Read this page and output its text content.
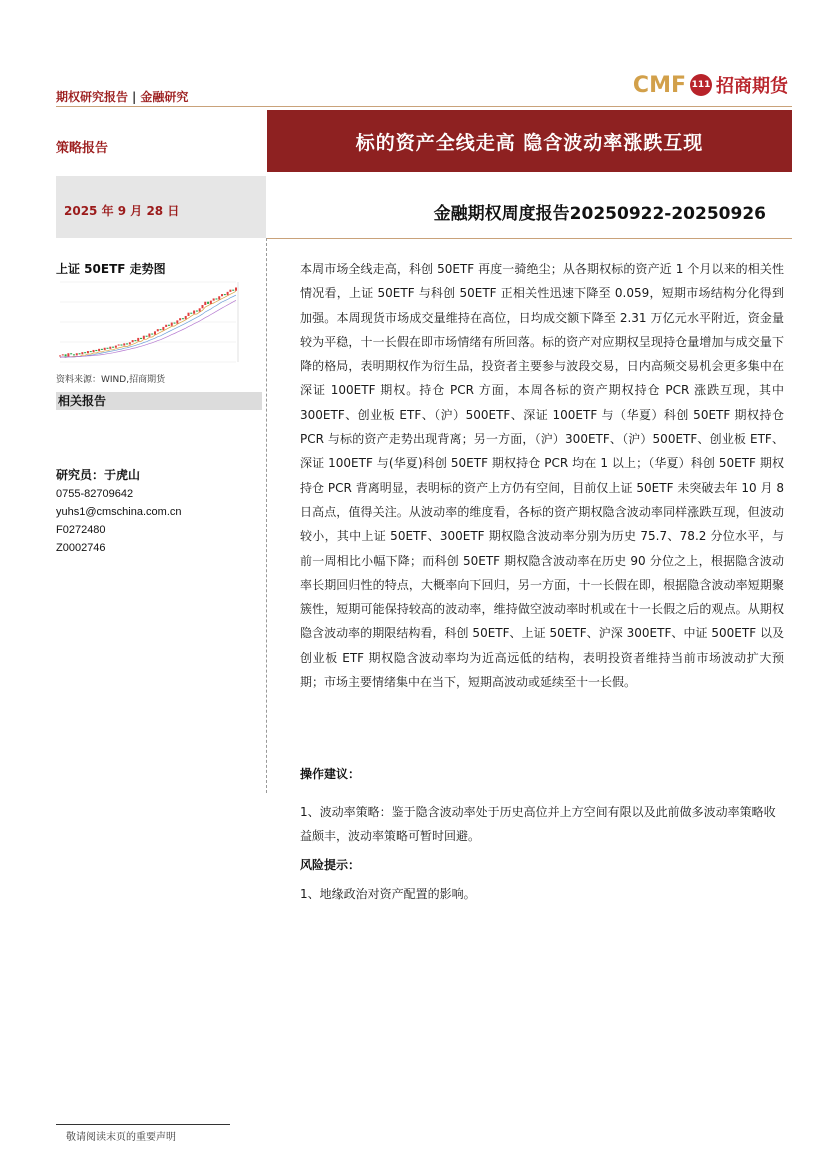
期权研究报告 | 金融研究	CMF 111 招商期货
策略报告	标的资产全线走高 隐含波动率涨跌互现
2025 年 9 月 28 日	金融期权周度报告20250922-20250926
上证 50ETF 走势图
资料来源：WIND,招商期货
相关报告
研究员：于虎山
0755-82709642
yuhs1@cmschina.com.cn
F0272480
Z0002746
本周市场全线走高，科创 50ETF 再度一骑绝尘；从各期权标的资产近 1 个月以来的相关性情况看，上证 50ETF 与科创 50ETF 正相关性迅速下降至 0.059，短期市场结构分化得到加强。本周现货市场成交量维持在高位，日均成交额下降至 2.31 万亿元水平附近，资金量较为平稳，十一长假在即市场情绪有所回落。标的资产对应期权呈现持仓量增加与成交量下降的格局，表明期权作为衍生品，投资者主要参与波段交易，日内高频交易机会更多集中在深证 100ETF 期权。持仓 PCR 方面，本周各标的资产期权持仓 PCR 涨跌互现，其中 300ETF、创业板 ETF、（沪）500ETF、深证 100ETF 与（华夏）科创 50ETF 期权持仓 PCR 与标的资产走势出现背离；另一方面，（沪）300ETF、（沪）500ETF、创业板 ETF、深证 100ETF 与(华夏)科创 50ETF 期权持仓 PCR 均在 1 以上；（华夏）科创 50ETF 期权持仓 PCR 背离明显，表明标的资产上方仍有空间，目前仅上证 50ETF 未突破去年 10 月 8 日高点，值得关注。从波动率的维度看，各标的资产期权隐含波动率同样涨跌互现，但波动较小，其中上证 50ETF、300ETF 期权隐含波动率分别为历史 75.7、78.2 分位水平，与前一周相比小幅下降；而科创 50ETF 期权隐含波动率在历史 90 分位之上，根据隐含波动率长期回归性的特点，大概率向下回归，另一方面，十一长假在即，根据隐含波动率短期聚簇性，短期可能保持较高的波动率，维持做空波动率时机或在十一长假之后的观点。从期权隐含波动率的期限结构看，科创 50ETF、上证 50ETF、沪深 300ETF、中证 500ETF 以及创业板 ETF 期权隐含波动率均为近高远低的结构，表明投资者维持当前市场波动扩大预期；市场主要情绪集中在当下，短期高波动或延续至十一长假。
操作建议：
1、波动率策略：鉴于隐含波动率处于历史高位并上方空间有限以及此前做多波动率策略收益颇丰，波动率策略可暂时回避。
风险提示：
1、地缘政治对资产配置的影响。
敬请阅读末页的重要声明
